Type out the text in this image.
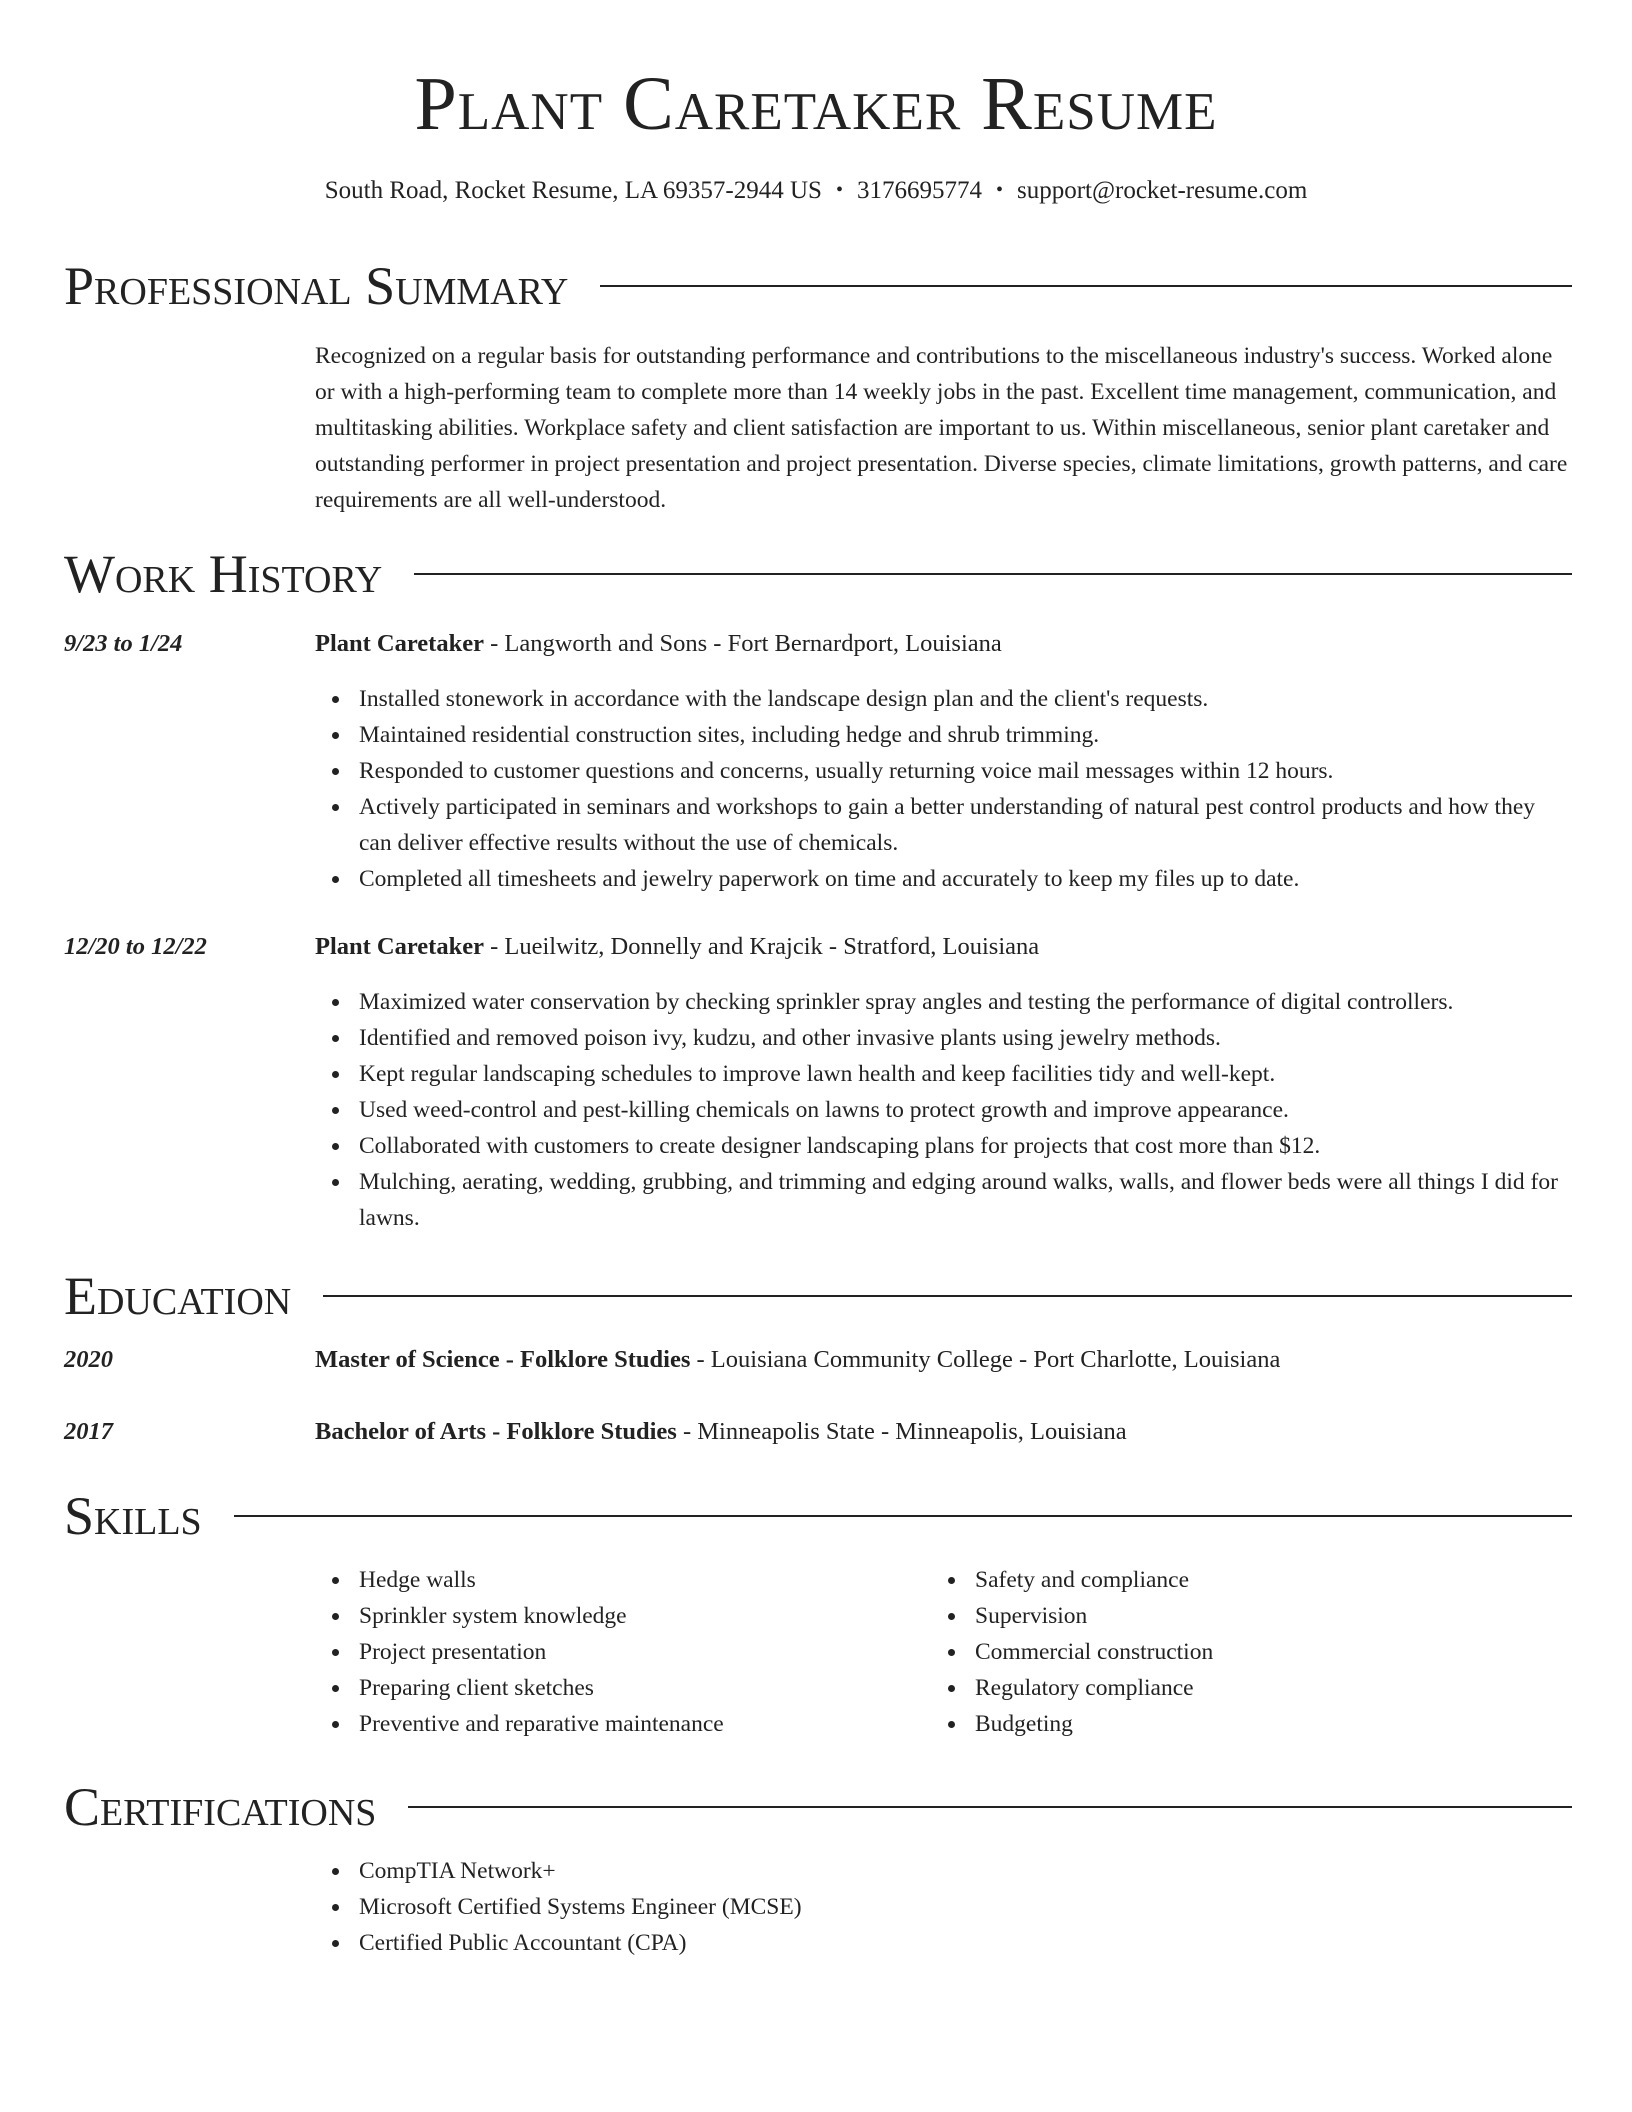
Plant Caretaker Resume
South Road, Rocket Resume, LA 69357-2944 US • 3176695774 • support@rocket-resume.com
Professional Summary

Recognized on a regular basis for outstanding performance and contributions to the miscellaneous industry's success. Worked alone or with a high-performing team to complete more than 14 weekly jobs in the past. Excellent time management, communication, and multitasking abilities. Workplace safety and client satisfaction are important to us. Within miscellaneous, senior plant caretaker and outstanding performer in project presentation and project presentation. Diverse species, climate limitations, growth patterns, and care requirements are all well-understood.

Work History
9/23 to 1/24	Plant Caretaker - Langworth and Sons - Fort Bernardport, Louisiana
Installed stonework in accordance with the landscape design plan and the client's requests.
Maintained residential construction sites, including hedge and shrub trimming.
Responded to customer questions and concerns, usually returning voice mail messages within 12 hours.
Actively participated in seminars and workshops to gain a better understanding of natural pest control products and how they can deliver effective results without the use of chemicals.
Completed all timesheets and jewelry paperwork on time and accurately to keep my files up to date.
12/20 to 12/22	Plant Caretaker - Lueilwitz, Donnelly and Krajcik - Stratford, Louisiana
Maximized water conservation by checking sprinkler spray angles and testing the performance of digital controllers.
Identified and removed poison ivy, kudzu, and other invasive plants using jewelry methods.
Kept regular landscaping schedules to improve lawn health and keep facilities tidy and well-kept.
Used weed-control and pest-killing chemicals on lawns to protect growth and improve appearance.
Collaborated with customers to create designer landscaping plans for projects that cost more than $12.
Mulching, aerating, wedding, grubbing, and trimming and edging around walks, walls, and flower beds were all things I did for lawns.
Education
2020	Master of Science - Folklore Studies - Louisiana Community College - Port Charlotte, Louisiana
2017	Bachelor of Arts - Folklore Studies - Minneapolis State - Minneapolis, Louisiana
Skills
Hedge walls
Sprinkler system knowledge
Project presentation
Preparing client sketches
Preventive and reparative maintenance
Safety and compliance
Supervision
Commercial construction
Regulatory compliance
Budgeting
Certifications
CompTIA Network+
Microsoft Certified Systems Engineer (MCSE)
Certified Public Accountant (CPA)
